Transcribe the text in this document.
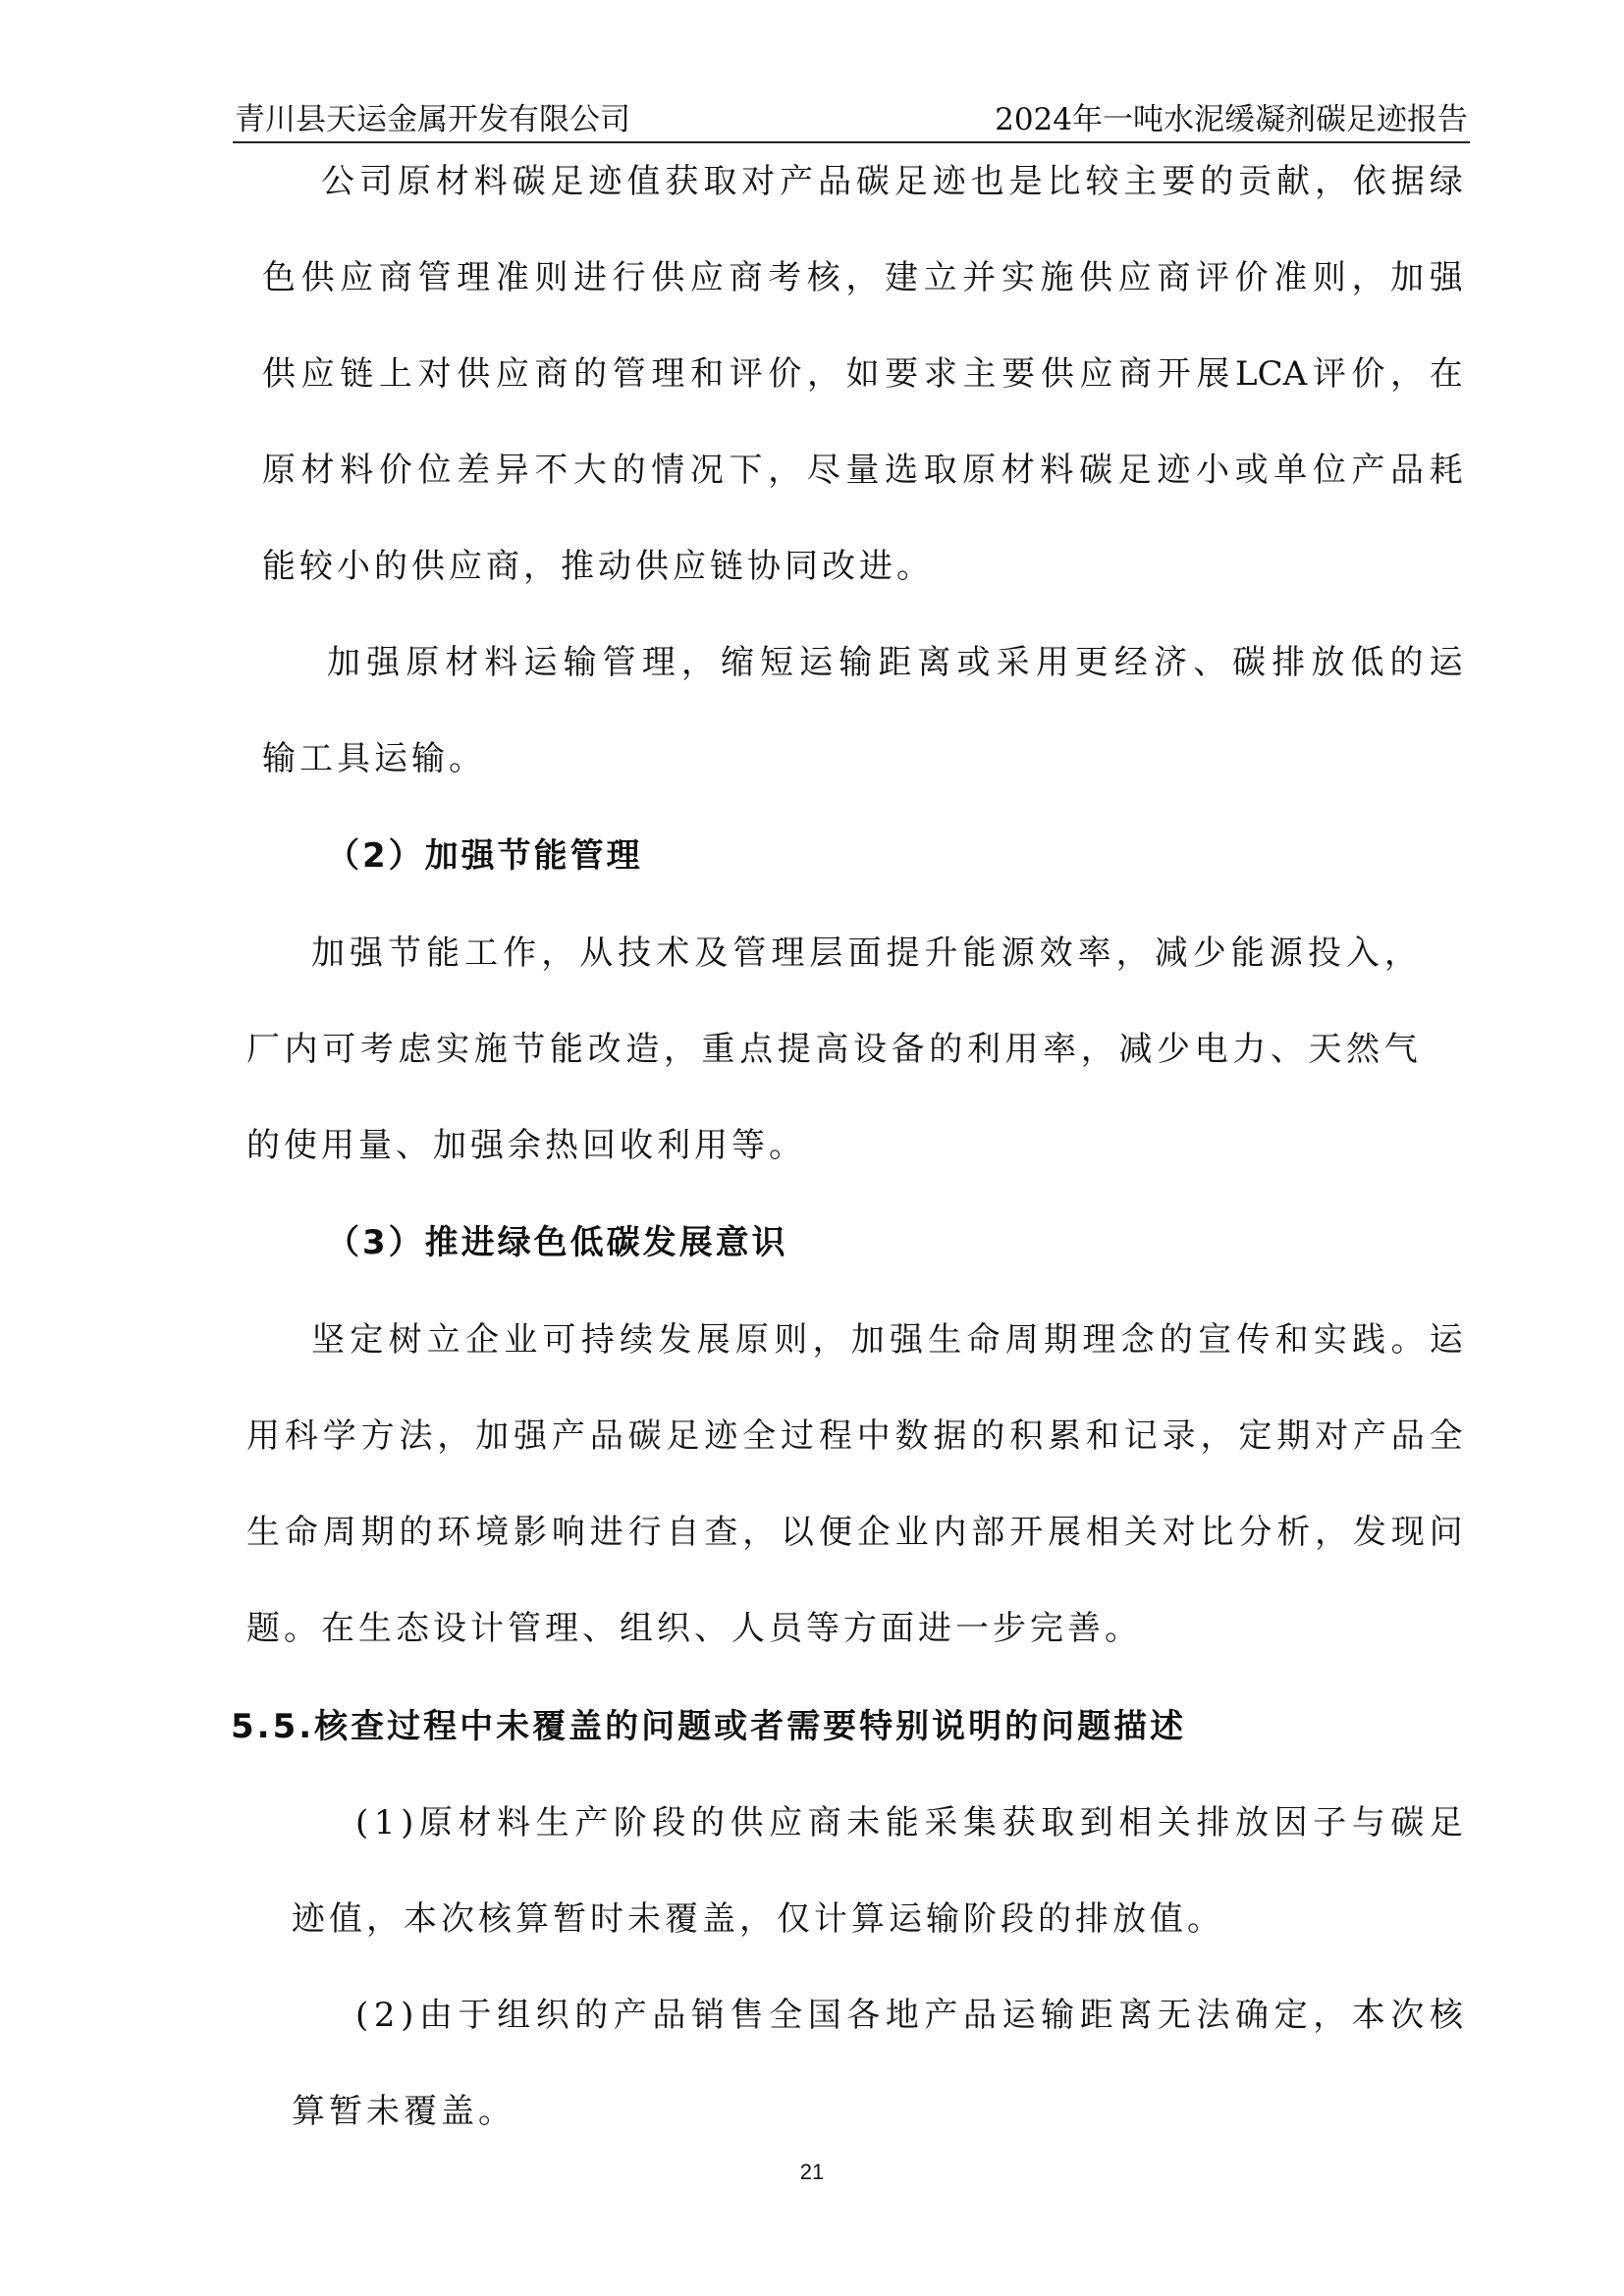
青川县天运金属开发有限公司	2024年一吨水泥缓凝剂碳足迹报告
公 司 原 材 料 碳 足 迹 值 获 取 对 产 品 碳 足 迹 也 是 比 较 主 要 的 贡 献 ， 依 据 绿
色 供 应 商 管 理 准 则 进 行 供 应 商 考 核 ， 建 立 并 实 施 供 应 商 评 价 准 则 ， 加 强
供 应 链 上 对 供 应 商 的 管 理 和 评 价 ， 如 要 求 主 要 供 应 商 开 展 LCA 评 价 ， 在
原 材 料 价 位 差 异 不 大 的 情 况 下 ， 尽 量 选 取 原 材 料 碳 足 迹 小 或 单 位 产 品 耗
能较小的供应商，推动供应链协同改进。
加 强 原 材 料 运 输 管 理 ， 缩 短 运 输 距 离 或 采 用 更 经 济 、 碳 排 放 低 的 运
输工具运输。
（2）加强节能管理
加 强 节 能 工 作 ， 从 技 术 及 管 理 层 面 提 升 能 源 效 率 ， 减 少 能 源 投 入 ，
厂 内 可 考 虑 实 施 节 能 改 造 ， 重 点 提 高 设 备 的 利 用 率 ， 减 少 电 力 、 天 然 气
的使用量、加强余热回收利用等。
（3）推进绿色低碳发展意识
坚 定 树 立 企 业 可 持 续 发 展 原 则 ， 加 强 生 命 周 期 理 念 的 宣 传 和 实 践 。 运
用 科 学 方 法 ， 加 强 产 品 碳 足 迹 全 过 程 中 数 据 的 积 累 和 记 录 ， 定 期 对 产 品 全
生 命 周 期 的 环 境 影 响 进 行 自 查 ， 以 便 企 业 内 部 开 展 相 关 对 比 分 析 ， 发 现 问
题。在生态设计管理、组织、人员等方面进一步完善。
5.5.核查过程中未覆盖的问题或者需要特别说明的问题描述
( 1 ) 原 材 料 生 产 阶 段 的 供 应 商 未 能 采 集 获 取 到 相 关 排 放 因 子 与 碳 足
迹值，本次核算暂时未覆盖，仅计算运输阶段的排放值。
( 2 ) 由 于 组 织 的 产 品 销 售 全 国 各 地 产 品 运 输 距 离 无 法 确 定 ， 本 次 核
算暂未覆盖。
21
